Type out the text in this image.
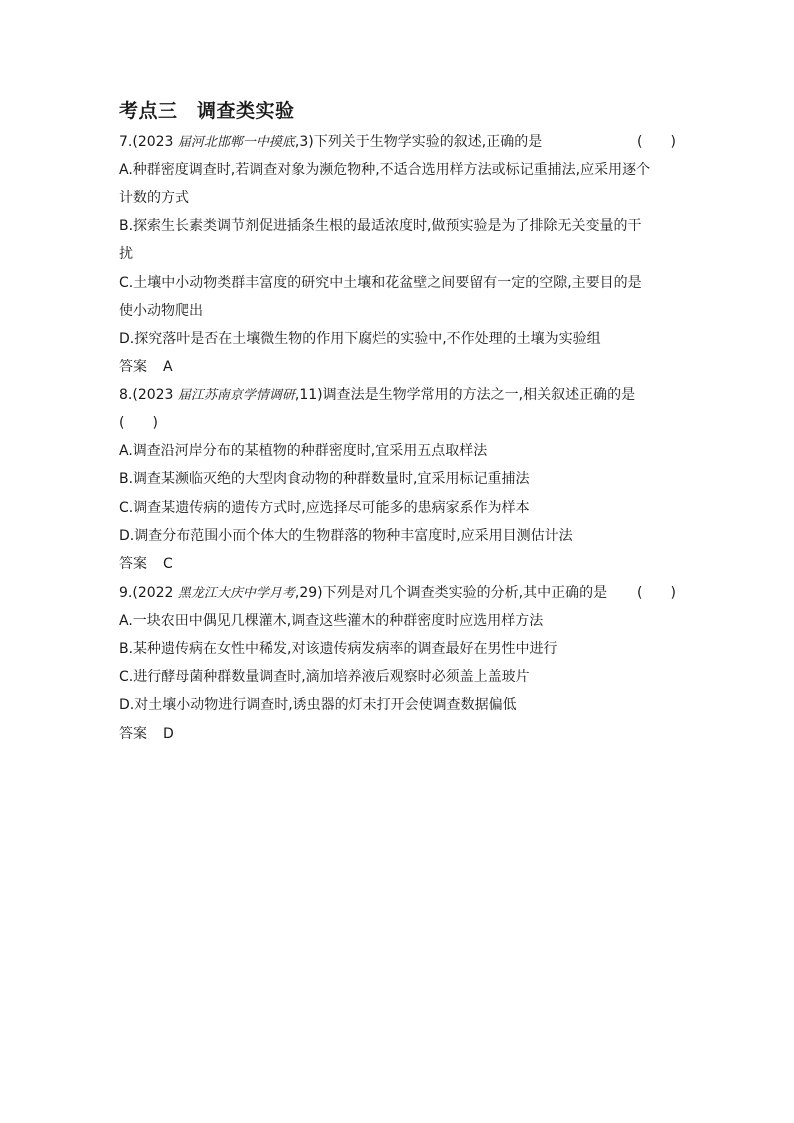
考点三　调查类实验
7.(2023 届河北邯郸一中摸底,3)下列关于生物学实验的叙述,正确的是	(　　)
A.种群密度调查时,若调查对象为濒危物种,不适合选用样方法或标记重捕法,应采用逐个
计数的方式
B.探索生长素类调节剂促进插条生根的最适浓度时,做预实验是为了排除无关变量的干
扰
C.土壤中小动物类群丰富度的研究中土壤和花盆壁之间要留有一定的空隙,主要目的是
使小动物爬出
D.探究落叶是否在土壤微生物的作用下腐烂的实验中,不作处理的土壤为实验组
答案 A
8.(2023 届江苏南京学情调研,11)调查法是生物学常用的方法之一,相关叙述正确的是
(　　)
A.调查沿河岸分布的某植物的种群密度时,宜采用五点取样法
B.调查某濒临灭绝的大型肉食动物的种群数量时,宜采用标记重捕法
C.调查某遗传病的遗传方式时,应选择尽可能多的患病家系作为样本
D.调查分布范围小而个体大的生物群落的物种丰富度时,应采用目测估计法
答案 C
9.(2022 黑龙江大庆中学月考,29)下列是对几个调查类实验的分析,其中正确的是	(　　)
A.一块农田中偶见几棵灌木,调查这些灌木的种群密度时应选用样方法
B.某种遗传病在女性中稀发,对该遗传病发病率的调查最好在男性中进行
C.进行酵母菌种群数量调查时,滴加培养液后观察时必须盖上盖玻片
D.对土壤小动物进行调查时,诱虫器的灯未打开会使调查数据偏低
答案 D
